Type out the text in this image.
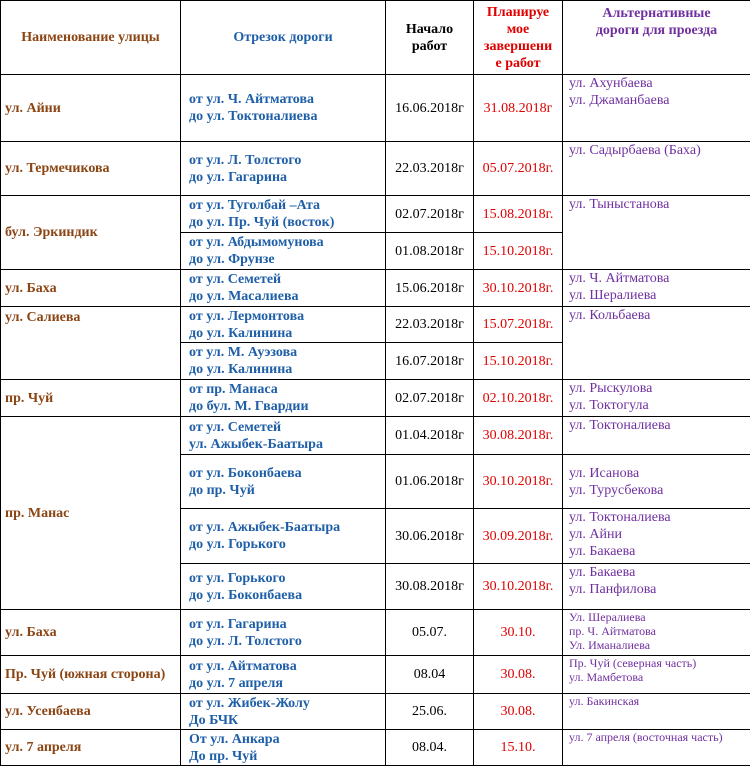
Наименование улицы	Отрезок дороги	Начало
работ	Планируе
мое
завершени
е работ	Альтернативные
дороги для проезда

ул. Айни	от ул. Ч. Айтматова
до ул. Токтоналиева	16.06.2018г	31.08.2018г	ул. Ахунбаева
ул. Джаманбаева

ул. Термечикова	от ул. Л. Толстого
до ул. Гагарина	22.03.2018г	05.07.2018г.	ул. Садырбаева (Баха)

бул. Эркиндик	от ул. Туголбай –Ата
до ул. Пр. Чуй (восток)	02.07.2018г	15.08.2018г.	ул. Тыныстанова

	от ул. Абдымомунова
до ул. Фрунзе	01.08.2018г	15.10.2018г.	
ул. Баха	от ул. Семетей
до ул. Масалиева	15.06.2018г	30.10.2018г.	ул. Ч. Айтматова
ул. Шералиева

ул. Салиева	от ул. Лермонтова
до ул. Калинина	22.03.2018г	15.07.2018г.	ул. Кольбаева

	от ул. М. Ауэзова
до ул. Калинина	16.07.2018г	15.10.2018г.	
пр. Чуй	от пр. Манаса
до бул. М. Гвардии	02.07.2018г	02.10.2018г.	ул. Рыскулова
ул. Токтогула

пр. Манас	от ул. Семетей
ул. Ажыбек-Баатыра	01.04.2018г	30.08.2018г.	ул. Токтоналиева

	от ул. Боконбаева
до пр. Чуй	01.06.2018г	30.10.2018г.	ул. Исанова
ул. Турусбекова

	от ул. Ажыбек-Баатыра
до ул. Горького	30.06.2018г	30.09.2018г.	ул. Токтоналиева
ул. Айни
ул. Бакаева

	от ул. Горького
до ул. Боконбаева	30.08.2018г	30.10.2018г.	ул. Бакаева
ул. Панфилова

ул. Баха	от ул. Гагарина
до ул. Л. Толстого	05.07.	30.10.	Ул. Шералиева
пр. Ч. Айтматова
Ул. Иманалиева

Пр. Чуй (южная сторона)	от ул. Айтматова
до ул. 7 апреля	08.04	30.08.	Пр. Чуй (северная часть)
ул. Мамбетова

ул. Усенбаева	от ул. Жибек-Жолу
До БЧК	25.06.	30.08.	ул. Бакинская

ул. 7 апреля	От ул. Анкара
До пр. Чуй	08.04.	15.10.	ул. 7 апреля (восточная часть)
